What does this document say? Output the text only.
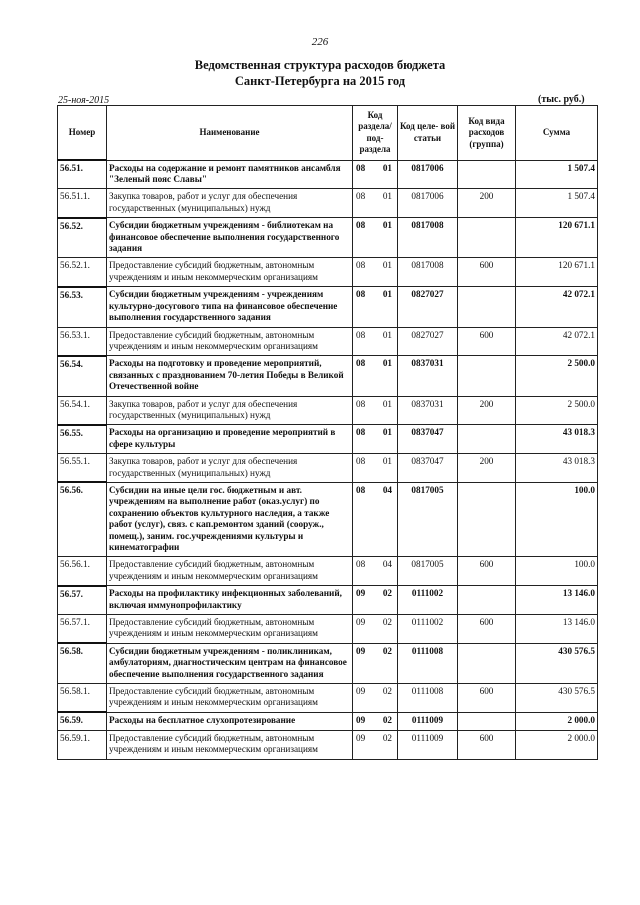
226
Ведомственная структура расходов бюджета
Санкт-Петербурга на 2015 год
25-ноя-2015	(тыс. руб.)
Номер	Наименование	Код раздела/ под- раздела	Код целе- вой статьи	Код вида расходов (группа)	Сумма
56.51.	Расходы на содержание и ремонт памятников ансамбля "Зеленый пояс Славы"	08 01	0817006		1 507.4
56.51.1.	Закупка товаров, работ и услуг для обеспечения государственных (муниципальных) нужд	08 01	0817006	200	1 507.4
56.52.	Субсидии бюджетным учреждениям - библиотекам на финансовое обеспечение выполнения государственного задания	08 01	0817008		120 671.1
56.52.1.	Предоставление субсидий бюджетным, автономным учреждениям и иным некоммерческим организациям	08 01	0817008	600	120 671.1
56.53.	Субсидии бюджетным учреждениям - учреждениям культурно-досугового типа на финансовое обеспечение выполнения государственного задания	08 01	0827027		42 072.1
56.53.1.	Предоставление субсидий бюджетным, автономным учреждениям и иным некоммерческим организациям	08 01	0827027	600	42 072.1
56.54.	Расходы на подготовку и проведение мероприятий, связанных с празднованием 70-летия Победы в Великой Отечественной войне	08 01	0837031		2 500.0
56.54.1.	Закупка товаров, работ и услуг для обеспечения государственных (муниципальных) нужд	08 01	0837031	200	2 500.0
56.55.	Расходы на организацию и проведение мероприятий в сфере культуры	08 01	0837047		43 018.3
56.55.1.	Закупка товаров, работ и услуг для обеспечения государственных (муниципальных) нужд	08 01	0837047	200	43 018.3
56.56.	Субсидии на иные цели гос. бюджетным и авт. учреждениям на выполнение работ (оказ.услуг) по сохранению объектов культурного наследия, а также работ (услуг), связ. с кап.ремонтом зданий (сооруж., помещ.), заним. гос.учреждениями культуры и кинематографии	08 04	0817005		100.0
56.56.1.	Предоставление субсидий бюджетным, автономным учреждениям и иным некоммерческим организациям	08 04	0817005	600	100.0
56.57.	Расходы на профилактику инфекционных заболеваний, включая иммунопрофилактику	09 02	0111002		13 146.0
56.57.1.	Предоставление субсидий бюджетным, автономным учреждениям и иным некоммерческим организациям	09 02	0111002	600	13 146.0
56.58.	Субсидии бюджетным учреждениям - поликлиникам, амбулаториям, диагностическим центрам на финансовое обеспечение выполнения государственного задания	09 02	0111008		430 576.5
56.58.1.	Предоставление субсидий бюджетным, автономным учреждениям и иным некоммерческим организациям	09 02	0111008	600	430 576.5
56.59.	Расходы на бесплатное слухопротезирование	09 02	0111009		2 000.0
56.59.1.	Предоставление субсидий бюджетным, автономным учреждениям и иным некоммерческим организациям	09 02	0111009	600	2 000.0
